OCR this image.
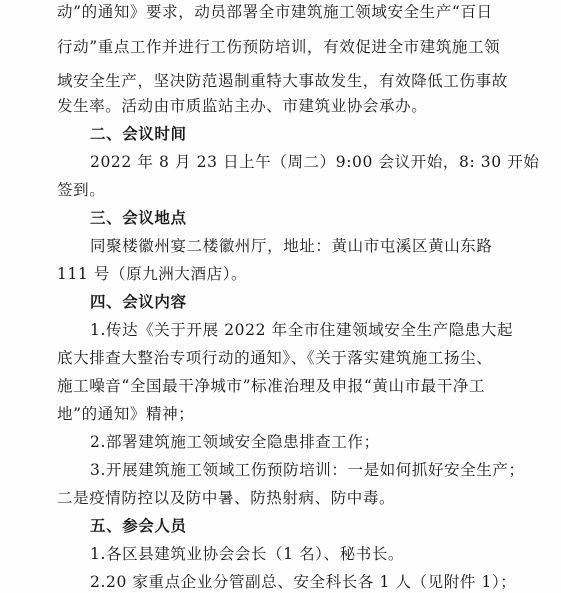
动”的通知》要求，动员部署全市建筑施工领域安全生产“百日
行动”重点工作并进行工伤预防培训，有效促进全市建筑施工领
域安全生产，坚决防范遏制重特大事故发生，有效降低工伤事故
发生率。活动由市质监站主办、市建筑业协会承办。
二、会议时间
2022 年 8 月 23 日上午（周二）9:00 会议开始，8: 30 开始
签到。
三、会议地点
同聚楼徽州宴二楼徽州厅，地址：黄山市屯溪区黄山东路
111 号（原九洲大酒店）。
四、会议内容
1.传达《关于开展 2022 年全市住建领域安全生产隐患大起
底大排查大整治专项行动的通知》、《关于落实建筑施工扬尘、
施工噪音“全国最干净城市”标准治理及申报“黄山市最干净工
地”的通知》精神；
2.部署建筑施工领域安全隐患排查工作；
3.开展建筑施工领域工伤预防培训：一是如何抓好安全生产；
二是疫情防控以及防中暑、防热射病、防中毒。
五、参会人员
1.各区县建筑业协会会长（1 名）、秘书长。
2.20 家重点企业分管副总、安全科长各 1 人（见附件 1）；
